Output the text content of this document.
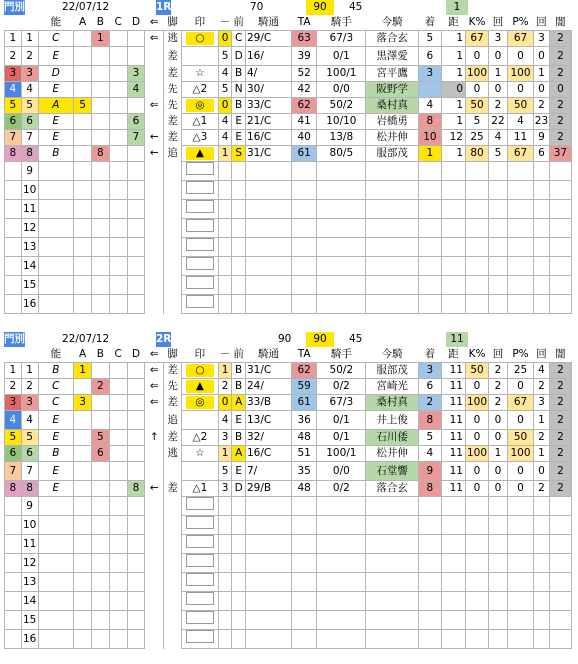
門別	22/07/12	1R	70	90	45	1
		能	A	B	C	D	⇐	脚	印	－	前	騎通	TA	騎手	今騎	着	距	K%	回	P%	回	闇
1	1	C		1			⇐	逃	○	0	C	29/C	63	67/3	落合玄	5	1	67	3	67	3	2
2	2	E						差		5	D	16/	39	0/1	黒澤愛	6	1	0	0	0	0	2
3	3	D				3		差	☆	4	B	4/	52	100/1	宮平鷹	3	1	100	1	100	1	2
4	4	E				4		先	△2	5	N	30/	42	0/0	阪野学		0	0	0	0	0	0
5	5	A	5				⇐	先	◎	0	B	33/C	62	50/2	桑村真	4	1	50	2	50	2	2
6	6	E				6		差	△1	4	E	21/C	41	10/10	岩橋勇	8	1	5	22	4	23	2
7	7	E				7	←	差	△3	4	E	16/C	40	13/8	松井伸	10	12	25	4	11	9	2
8	8	B		8			←	追	▲	1	S	31/C	61	80/5	服部茂	1	1	80	5	67	6	37
	9																					
	10																					
	11																					
	12																					
	13																					
	14																					
	15																					
	16																					
門別	22/07/12	2R	90	90	45	11
		能	A	B	C	D	⇐	脚	印	－	前	騎通	TA	騎手	今騎	着	距	K%	回	P%	回	闇
1	1	B	1				⇐	差	○	1	B	31/C	62	50/2	服部茂	3	11	50	2	25	4	2
2	2	C		2			⇐	先	▲	2	B	24/	59	0/2	宮崎光	6	11	0	2	0	2	2
3	3	C	3				⇐	差	◎	0	A	33/B	61	67/3	桑村真	2	11	100	2	67	3	2
4	4	E						追		4	E	13/C	36	0/1	井上俊	8	11	0	0	0	1	2
5	5	E		5			↑	差	△2	3	B	32/	48	0/1	石川倭	5	11	0	0	50	2	2
6	6	B		6				逃	☆	1	A	16/C	51	100/1	松井伸	4	11	100	1	100	1	2
7	7	E								5	E	7/	35	0/0	石堂響	9	11	0	0	0	0	2
8	8	E				8	←	差	△1	3	D	29/B	48	0/2	落合玄	8	11	0	0	0	2	2
	9																					
	10																					
	11																					
	12																					
	13																					
	14																					
	15																					
	16																					
